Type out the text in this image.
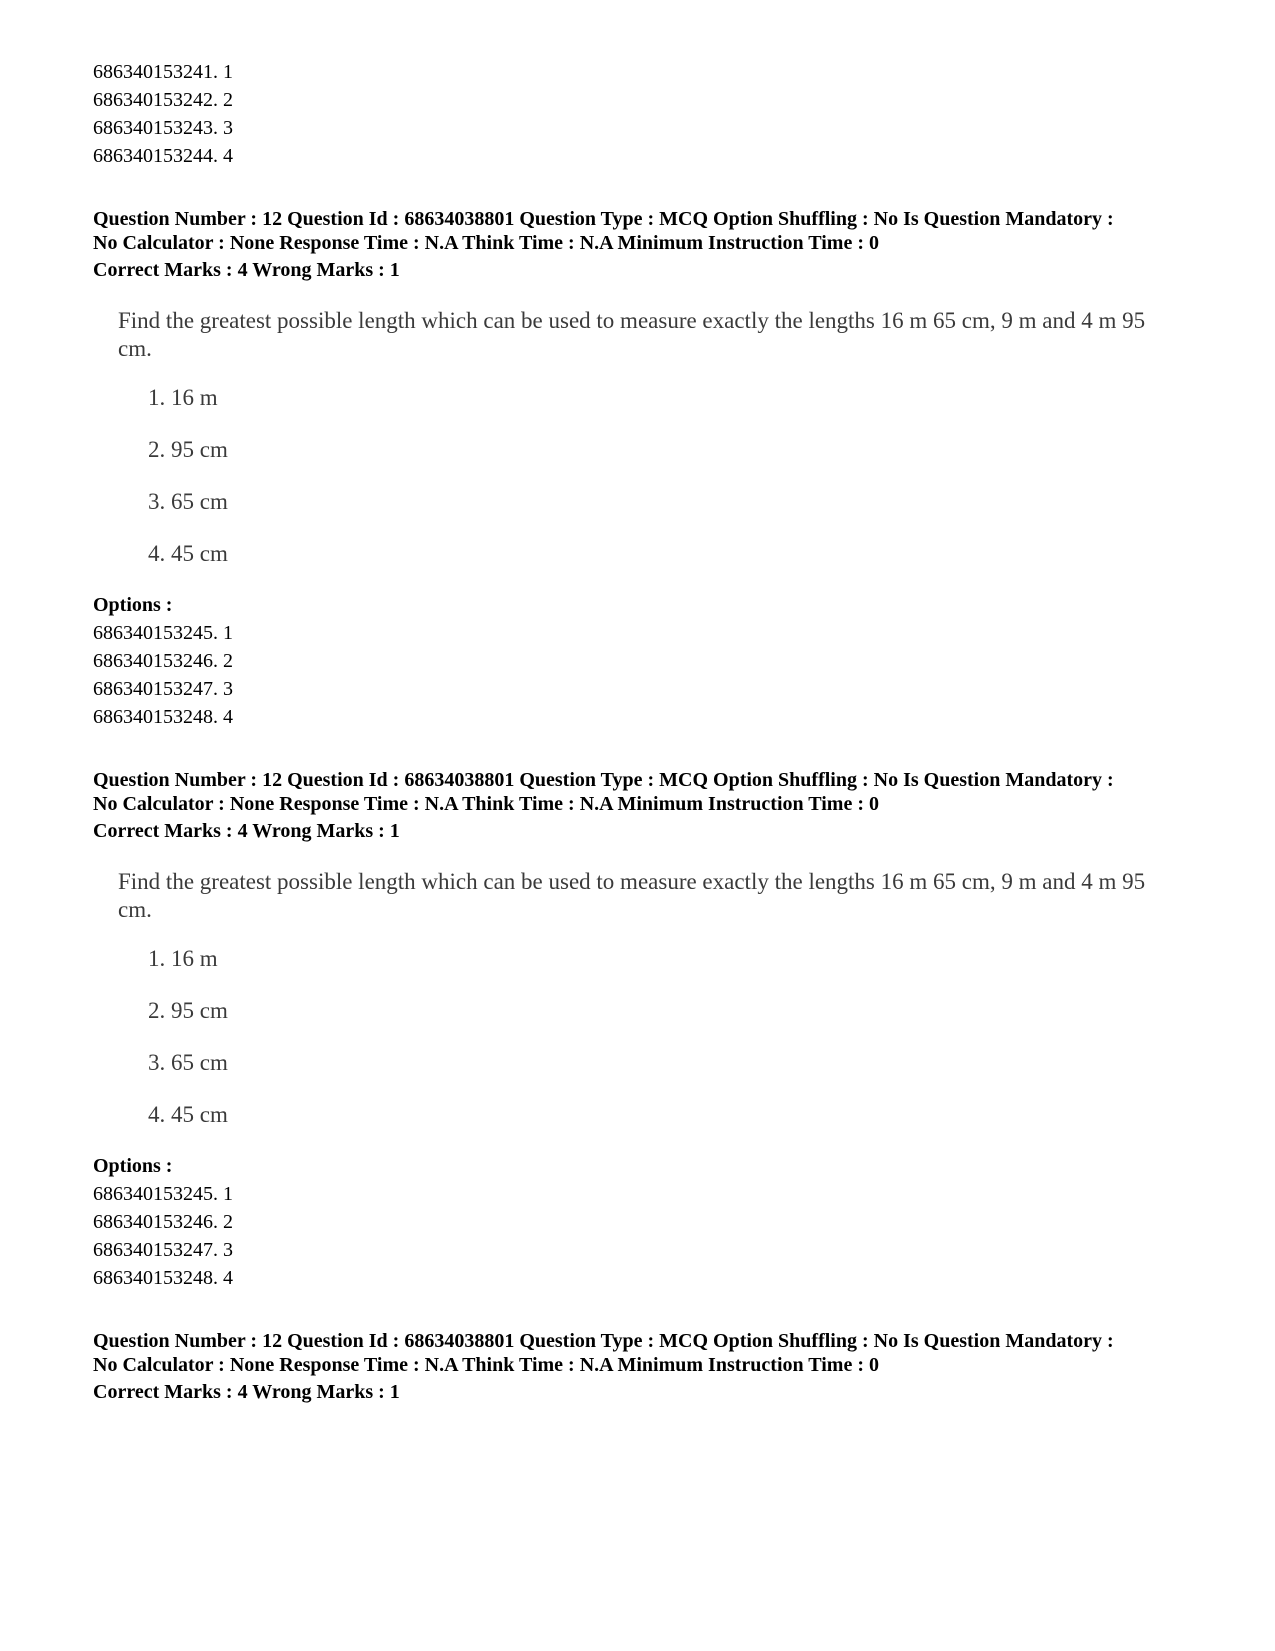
686340153241. 1
686340153242. 2
686340153243. 3
686340153244. 4
Question Number : 12 Question Id : 68634038801 Question Type : MCQ Option Shuffling : No Is Question Mandatory :
No Calculator : None Response Time : N.A Think Time : N.A Minimum Instruction Time : 0
Correct Marks : 4 Wrong Marks : 1
Find the greatest possible length which can be used to measure exactly the lengths 16 m 65 cm, 9 m and 4 m 95 cm.
1. 16 m
2. 95 cm
3. 65 cm
4. 45 cm
Options :
686340153245. 1
686340153246. 2
686340153247. 3
686340153248. 4
Question Number : 12 Question Id : 68634038801 Question Type : MCQ Option Shuffling : No Is Question Mandatory :
No Calculator : None Response Time : N.A Think Time : N.A Minimum Instruction Time : 0
Correct Marks : 4 Wrong Marks : 1
Find the greatest possible length which can be used to measure exactly the lengths 16 m 65 cm, 9 m and 4 m 95 cm.
1. 16 m
2. 95 cm
3. 65 cm
4. 45 cm
Options :
686340153245. 1
686340153246. 2
686340153247. 3
686340153248. 4
Question Number : 12 Question Id : 68634038801 Question Type : MCQ Option Shuffling : No Is Question Mandatory :
No Calculator : None Response Time : N.A Think Time : N.A Minimum Instruction Time : 0
Correct Marks : 4 Wrong Marks : 1
